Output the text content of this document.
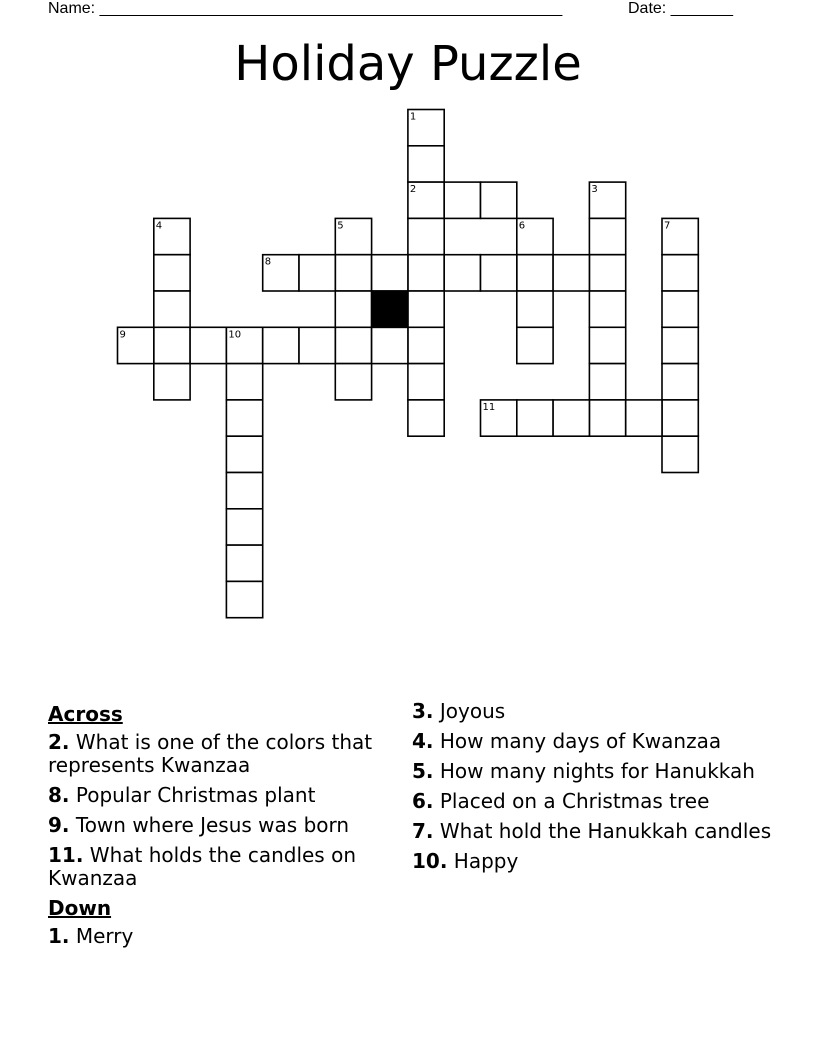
Name: ____________________________________________________	Date: _______
Holiday Puzzle
1
2	3
4	5	6	7
8
9	10
11
Across
2. What is one of the colors that represents Kwanzaa
8. Popular Christmas plant
9. Town where Jesus was born
11. What holds the candles on Kwanzaa
Down
1. Merry
3. Joyous
4. How many days of Kwanzaa
5. How many nights for Hanukkah
6. Placed on a Christmas tree
7. What hold the Hanukkah candles
10. Happy
